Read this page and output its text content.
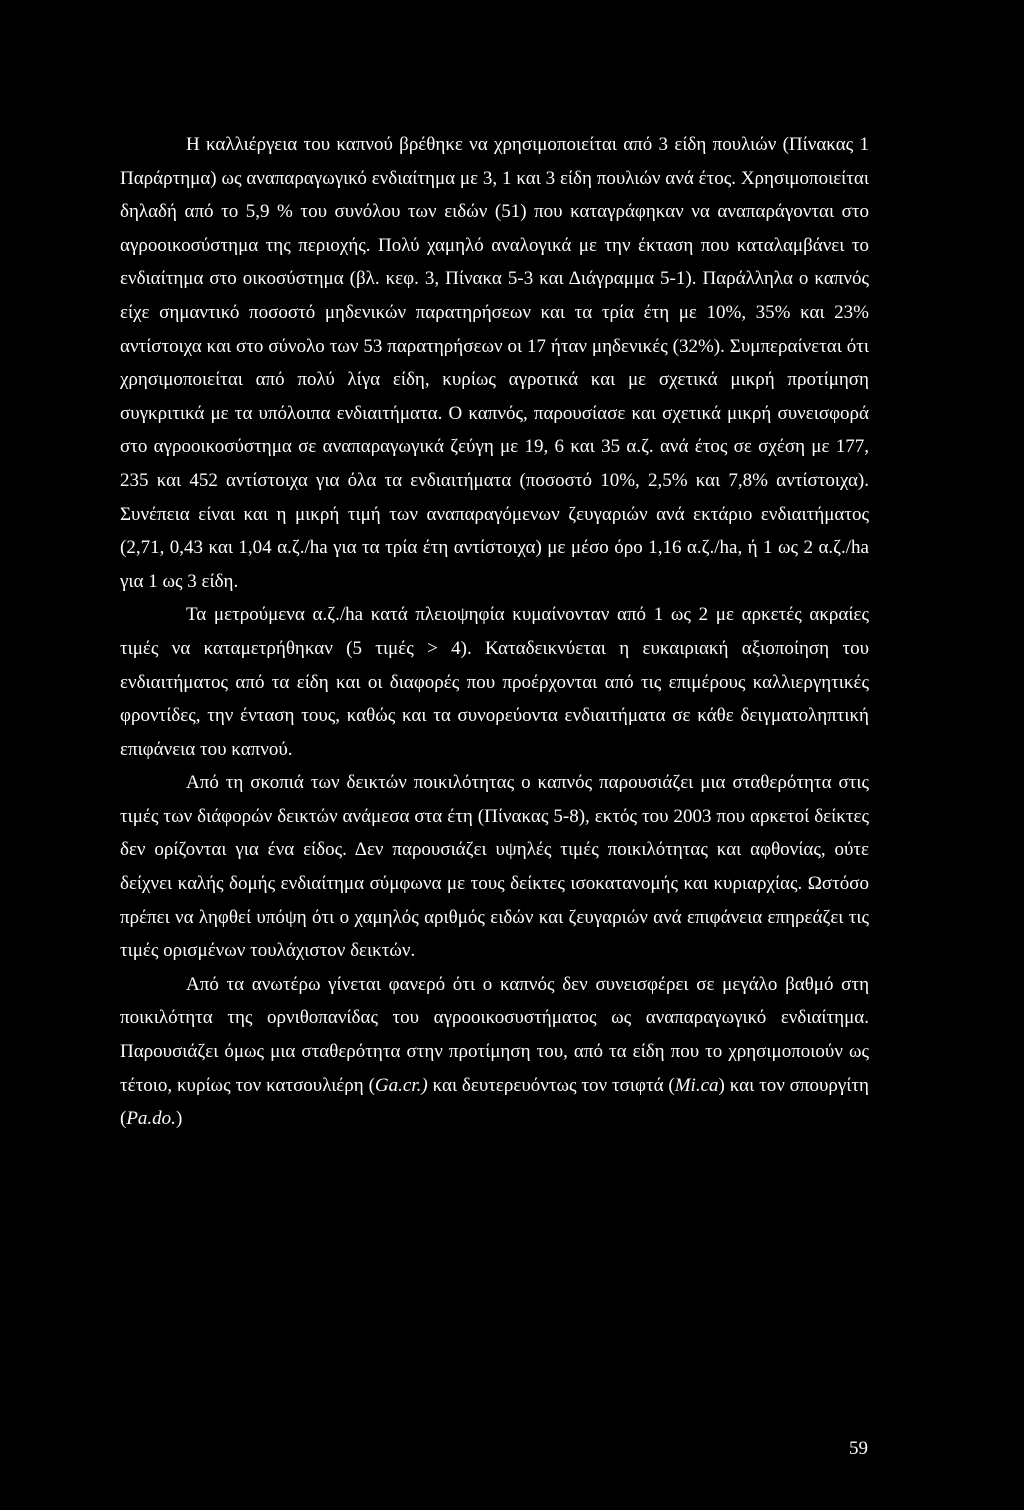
Η καλλιέργεια του καπνού βρέθηκε να χρησιμοποιείται από 3 είδη πουλιών (Πίνακας 1 Παράρτημα) ως αναπαραγωγικό ενδιαίτημα με 3, 1 και 3 είδη πουλιών ανά έτος. Χρησιμοποιείται δηλαδή από το 5,9 % του συνόλου των ειδών (51) που καταγράφηκαν να αναπαράγονται στο αγροοικοσύστημα της περιοχής. Πολύ χαμηλό αναλογικά με την έκταση που καταλαμβάνει το ενδιαίτημα στο οικοσύστημα (βλ. κεφ. 3, Πίνακα 5-3 και Διάγραμμα 5-1). Παράλληλα ο καπνός είχε σημαντικό ποσοστό μηδενικών παρατηρήσεων και τα τρία έτη με 10%, 35% και 23% αντίστοιχα και στο σύνολο των 53 παρατηρήσεων οι 17 ήταν μηδενικές (32%). Συμπεραίνεται ότι χρησιμοποιείται από πολύ λίγα είδη, κυρίως αγροτικά και με σχετικά μικρή προτίμηση συγκριτικά με τα υπόλοιπα ενδιαιτήματα. Ο καπνός, παρουσίασε και σχετικά μικρή συνεισφορά στο αγροοικοσύστημα σε αναπαραγωγικά ζεύγη με 19, 6 και 35 α.ζ. ανά έτος σε σχέση με 177, 235 και 452 αντίστοιχα για όλα τα ενδιαιτήματα (ποσοστό 10%, 2,5% και 7,8% αντίστοιχα). Συνέπεια είναι και η μικρή τιμή των αναπαραγόμενων ζευγαριών ανά εκτάριο ενδιαιτήματος (2,71, 0,43 και 1,04 α.ζ./ha για τα τρία έτη αντίστοιχα) με μέσο όρο 1,16 α.ζ./ha, ή 1 ως 2 α.ζ./ha για 1 ως 3 είδη.

Τα μετρούμενα α.ζ./ha κατά πλειοψηφία κυμαίνονταν από 1 ως 2 με αρκετές ακραίες τιμές να καταμετρήθηκαν (5 τιμές > 4). Καταδεικνύεται η ευκαιριακή αξιοποίηση του ενδιαιτήματος από τα είδη και οι διαφορές που προέρχονται από τις επιμέρους καλλιεργητικές φροντίδες, την ένταση τους, καθώς και τα συνορεύοντα ενδιαιτήματα σε κάθε δειγματοληπτική επιφάνεια του καπνού.

Από τη σκοπιά των δεικτών ποικιλότητας ο καπνός παρουσιάζει μια σταθερότητα στις τιμές των διάφορών δεικτών ανάμεσα στα έτη (Πίνακας 5-8), εκτός του 2003 που αρκετοί δείκτες δεν ορίζονται για ένα είδος. Δεν παρουσιάζει υψηλές τιμές ποικιλότητας και αφθονίας, ούτε δείχνει καλής δομής ενδιαίτημα σύμφωνα με τους δείκτες ισοκατανομής και κυριαρχίας. Ωστόσο πρέπει να ληφθεί υπόψη ότι ο χαμηλός αριθμός ειδών και ζευγαριών ανά επιφάνεια επηρεάζει τις τιμές ορισμένων τουλάχιστον δεικτών.

Από τα ανωτέρω γίνεται φανερό ότι ο καπνός δεν συνεισφέρει σε μεγάλο βαθμό στη ποικιλότητα της ορνιθοπανίδας του αγροοικοσυστήματος ως αναπαραγωγικό ενδιαίτημα. Παρουσιάζει όμως μια σταθερότητα στην προτίμηση του, από τα είδη που το χρησιμοποιούν ως τέτοιο, κυρίως τον κατσουλιέρη (Ga.cr.) και δευτερευόντως τον τσιφτά (Mi.ca) και τον σπουργίτη (Pa.do.)

59
